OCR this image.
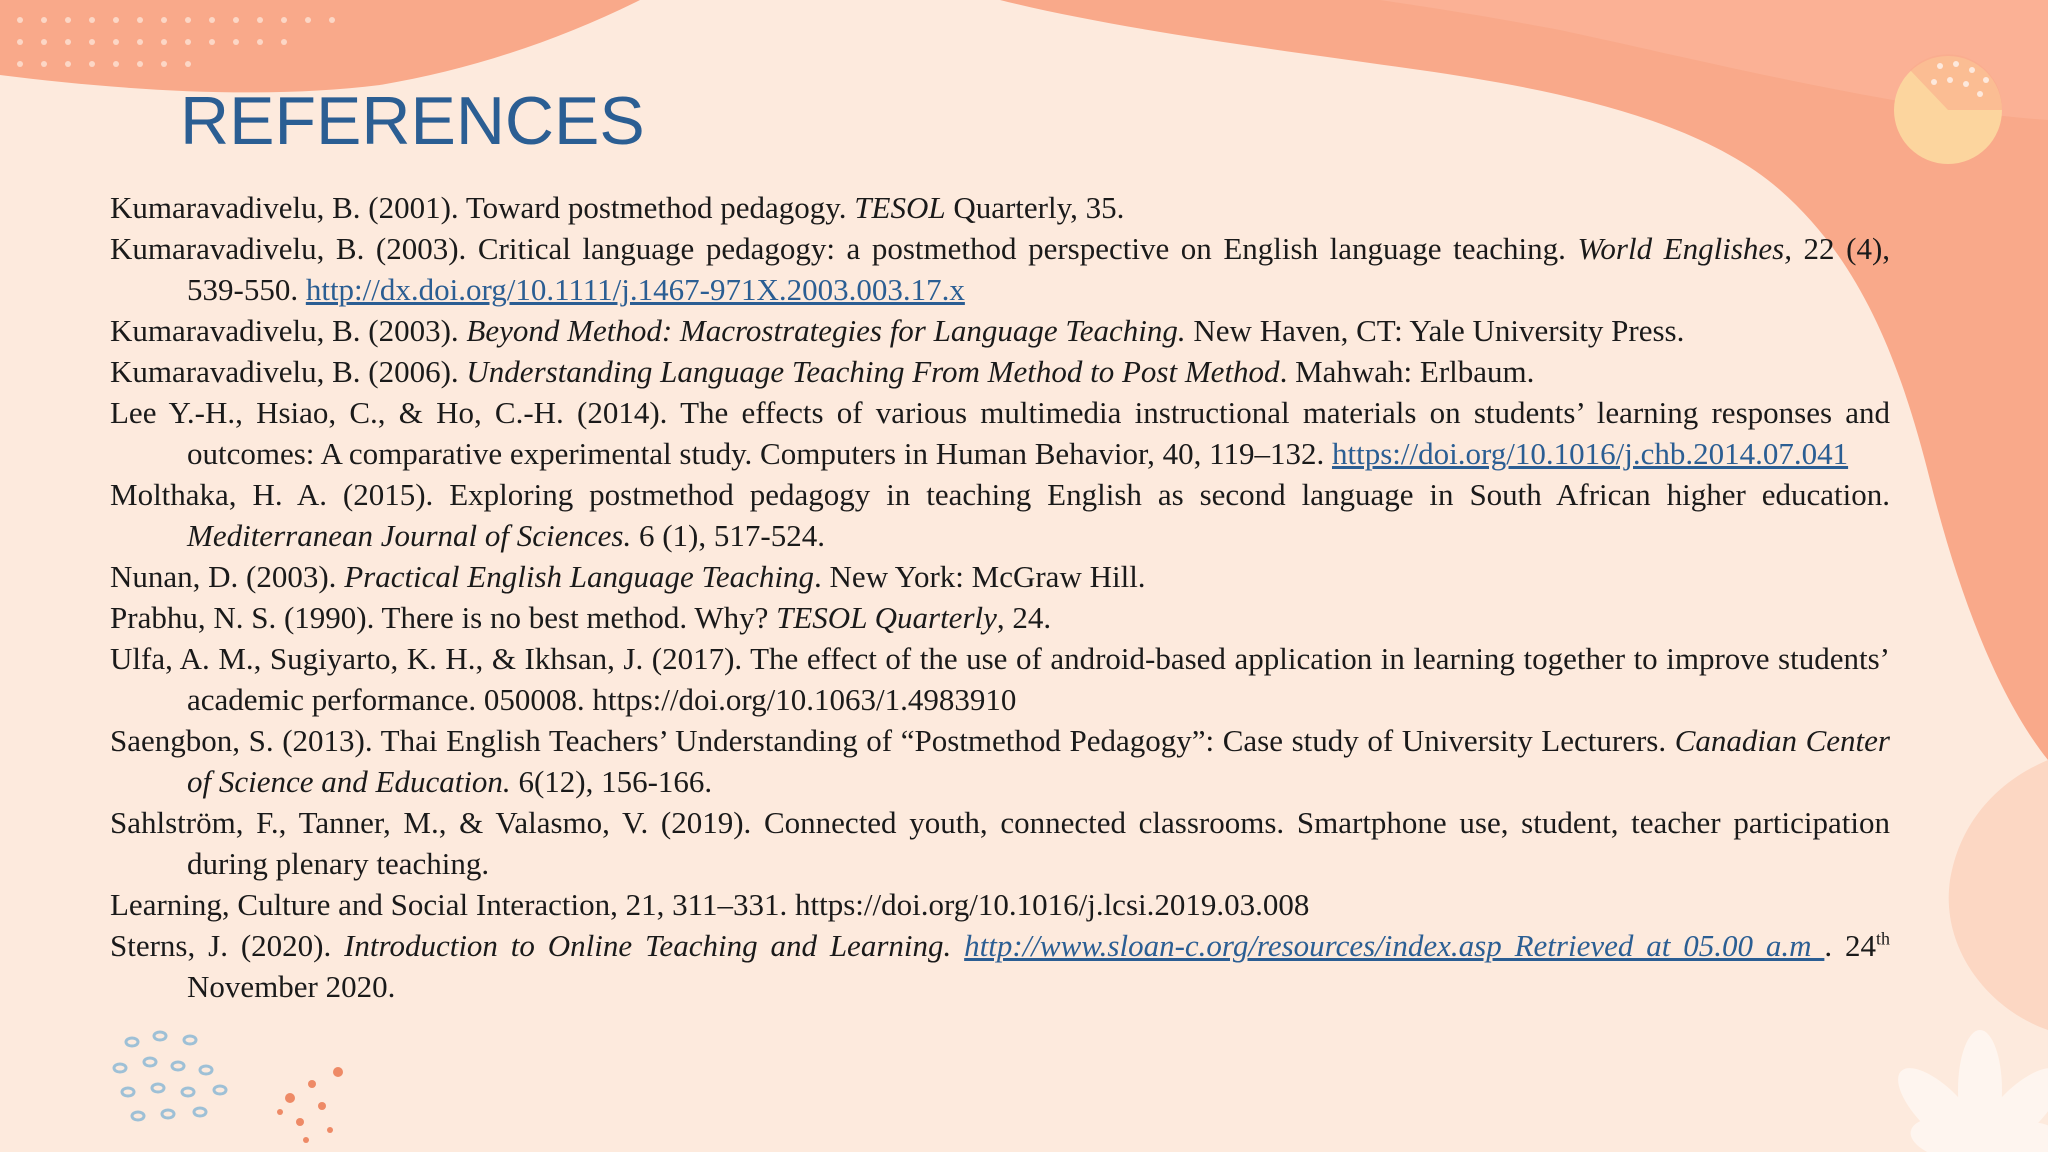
REFERENCES

Kumaravadivelu, B. (2001). Toward postmethod pedagogy. TESOL Quarterly, 35.

Kumaravadivelu, B. (2003). Critical language pedagogy: a postmethod perspective on English language teaching. World Englishes, 22 (4), 539-550. http://dx.doi.org/10.1111/j.1467-971X.2003.003.17.x

Kumaravadivelu, B. (2003). Beyond Method: Macrostrategies for Language Teaching. New Haven, CT: Yale University Press.

Kumaravadivelu, B. (2006). Understanding Language Teaching From Method to Post Method. Mahwah: Erlbaum.

Lee Y.-H., Hsiao, C., & Ho, C.-H. (2014). The effects of various multimedia instructional materials on students’ learning responses and outcomes: A comparative experimental study. Computers in Human Behavior, 40, 119–132. https://doi.org/10.1016/j.chb.2014.07.041

Molthaka, H. A. (2015). Exploring postmethod pedagogy in teaching English as second language in South African higher education. Mediterranean Journal of Sciences. 6 (1), 517-524.

Nunan, D. (2003). Practical English Language Teaching. New York: McGraw Hill.

Prabhu, N. S. (1990). There is no best method. Why? TESOL Quarterly, 24.

Ulfa, A. M., Sugiyarto, K. H., & Ikhsan, J. (2017). The effect of the use of android-based application in learning together to improve students’ academic performance. 050008. https://doi.org/10.1063/1.4983910

Saengbon, S. (2013). Thai English Teachers’ Understanding of “Postmethod Pedagogy”: Case study of University Lecturers. Canadian Center of Science and Education. 6(12), 156-166.

Sahlström, F., Tanner, M., & Valasmo, V. (2019). Connected youth, connected classrooms. Smartphone use, student, teacher participation during plenary teaching.

Learning, Culture and Social Interaction, 21, 311–331. https://doi.org/10.1016/j.lcsi.2019.03.008

Sterns, J. (2020). Introduction to Online Teaching and Learning. http://www.sloan-c.org/resources/index.asp Retrieved at 05.00 a.m . 24th November 2020.
